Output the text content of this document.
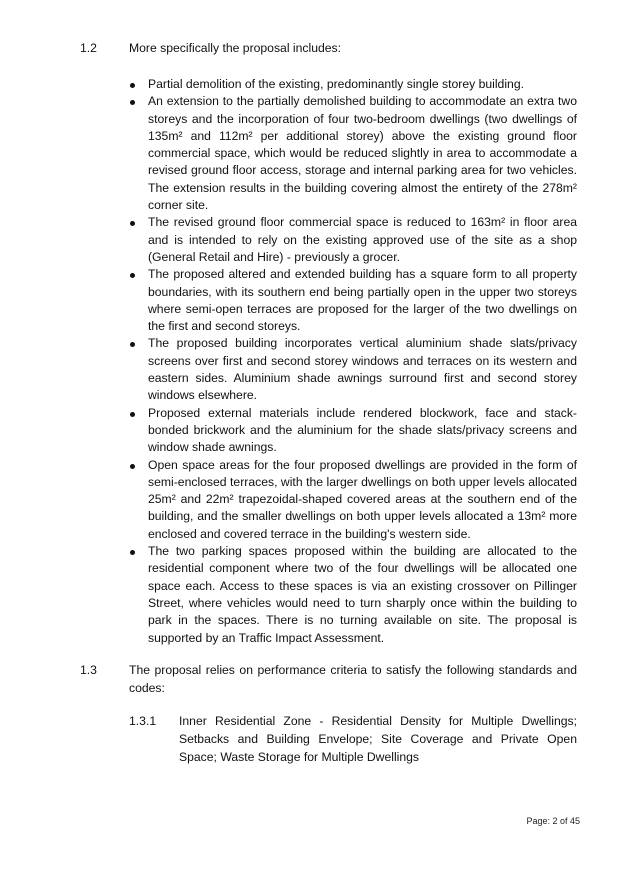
1.2	More specifically the proposal includes:
Partial demolition of the existing, predominantly single storey building.
An extension to the partially demolished building to accommodate an extra two storeys and the incorporation of four two-bedroom dwellings (two dwellings of 135m² and 112m² per additional storey) above the existing ground floor commercial space, which would be reduced slightly in area to accommodate a revised ground floor access, storage and internal parking area for two vehicles. The extension results in the building covering almost the entirety of the 278m² corner site.
The revised ground floor commercial space is reduced to 163m² in floor area and is intended to rely on the existing approved use of the site as a shop (General Retail and Hire) - previously a grocer.
The proposed altered and extended building has a square form to all property boundaries, with its southern end being partially open in the upper two storeys where semi-open terraces are proposed for the larger of the two dwellings on the first and second storeys.
The proposed building incorporates vertical aluminium shade slats/privacy screens over first and second storey windows and terraces on its western and eastern sides. Aluminium shade awnings surround first and second storey windows elsewhere.
Proposed external materials include rendered blockwork, face and stack-bonded brickwork and the aluminium for the shade slats/privacy screens and window shade awnings.
Open space areas for the four proposed dwellings are provided in the form of semi-enclosed terraces, with the larger dwellings on both upper levels allocated 25m² and 22m² trapezoidal-shaped covered areas at the southern end of the building, and the smaller dwellings on both upper levels allocated a 13m² more enclosed and covered terrace in the building's western side.
The two parking spaces proposed within the building are allocated to the residential component where two of the four dwellings will be allocated one space each. Access to these spaces is via an existing crossover on Pillinger Street, where vehicles would need to turn sharply once within the building to park in the spaces. There is no turning available on site. The proposal is supported by an Traffic Impact Assessment.
1.3	The proposal relies on performance criteria to satisfy the following standards and codes:
1.3.1 Inner Residential Zone - Residential Density for Multiple Dwellings; Setbacks and Building Envelope; Site Coverage and Private Open Space; Waste Storage for Multiple Dwellings
Page: 2 of 45
